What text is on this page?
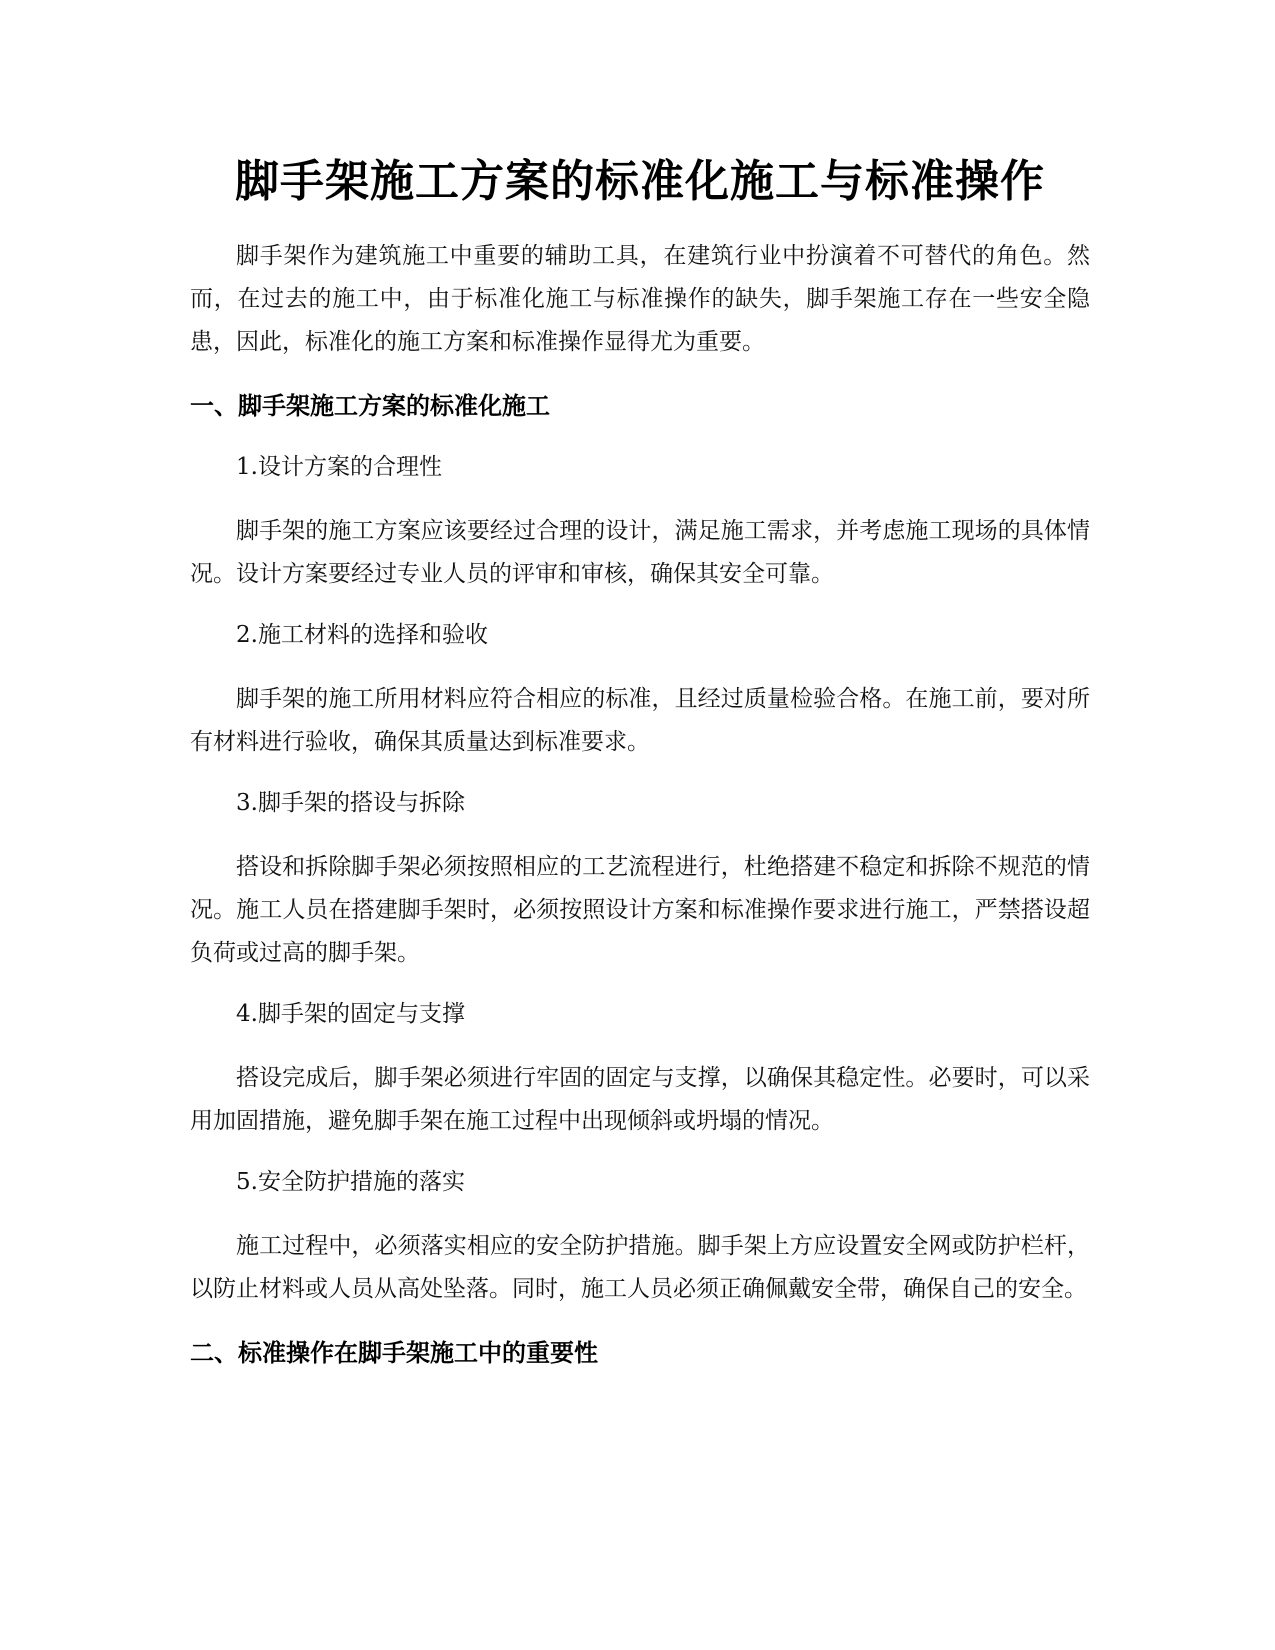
脚手架施工方案的标准化施工与标准操作

脚手架作为建筑施工中重要的辅助工具，在建筑行业中扮演着不可替代的角色。然而，在过去的施工中，由于标准化施工与标准操作的缺失，脚手架施工存在一些安全隐患，因此，标准化的施工方案和标准操作显得尤为重要。

一、脚手架施工方案的标准化施工

1.设计方案的合理性

脚手架的施工方案应该要经过合理的设计，满足施工需求，并考虑施工现场的具体情况。设计方案要经过专业人员的评审和审核，确保其安全可靠。

2.施工材料的选择和验收

脚手架的施工所用材料应符合相应的标准，且经过质量检验合格。在施工前，要对所有材料进行验收，确保其质量达到标准要求。

3.脚手架的搭设与拆除

搭设和拆除脚手架必须按照相应的工艺流程进行，杜绝搭建不稳定和拆除不规范的情况。施工人员在搭建脚手架时，必须按照设计方案和标准操作要求进行施工，严禁搭设超负荷或过高的脚手架。

4.脚手架的固定与支撑

搭设完成后，脚手架必须进行牢固的固定与支撑，以确保其稳定性。必要时，可以采用加固措施，避免脚手架在施工过程中出现倾斜或坍塌的情况。

5.安全防护措施的落实

施工过程中，必须落实相应的安全防护措施。脚手架上方应设置安全网或防护栏杆，以防止材料或人员从高处坠落。同时，施工人员必须正确佩戴安全带，确保自己的安全。

二、标准操作在脚手架施工中的重要性
